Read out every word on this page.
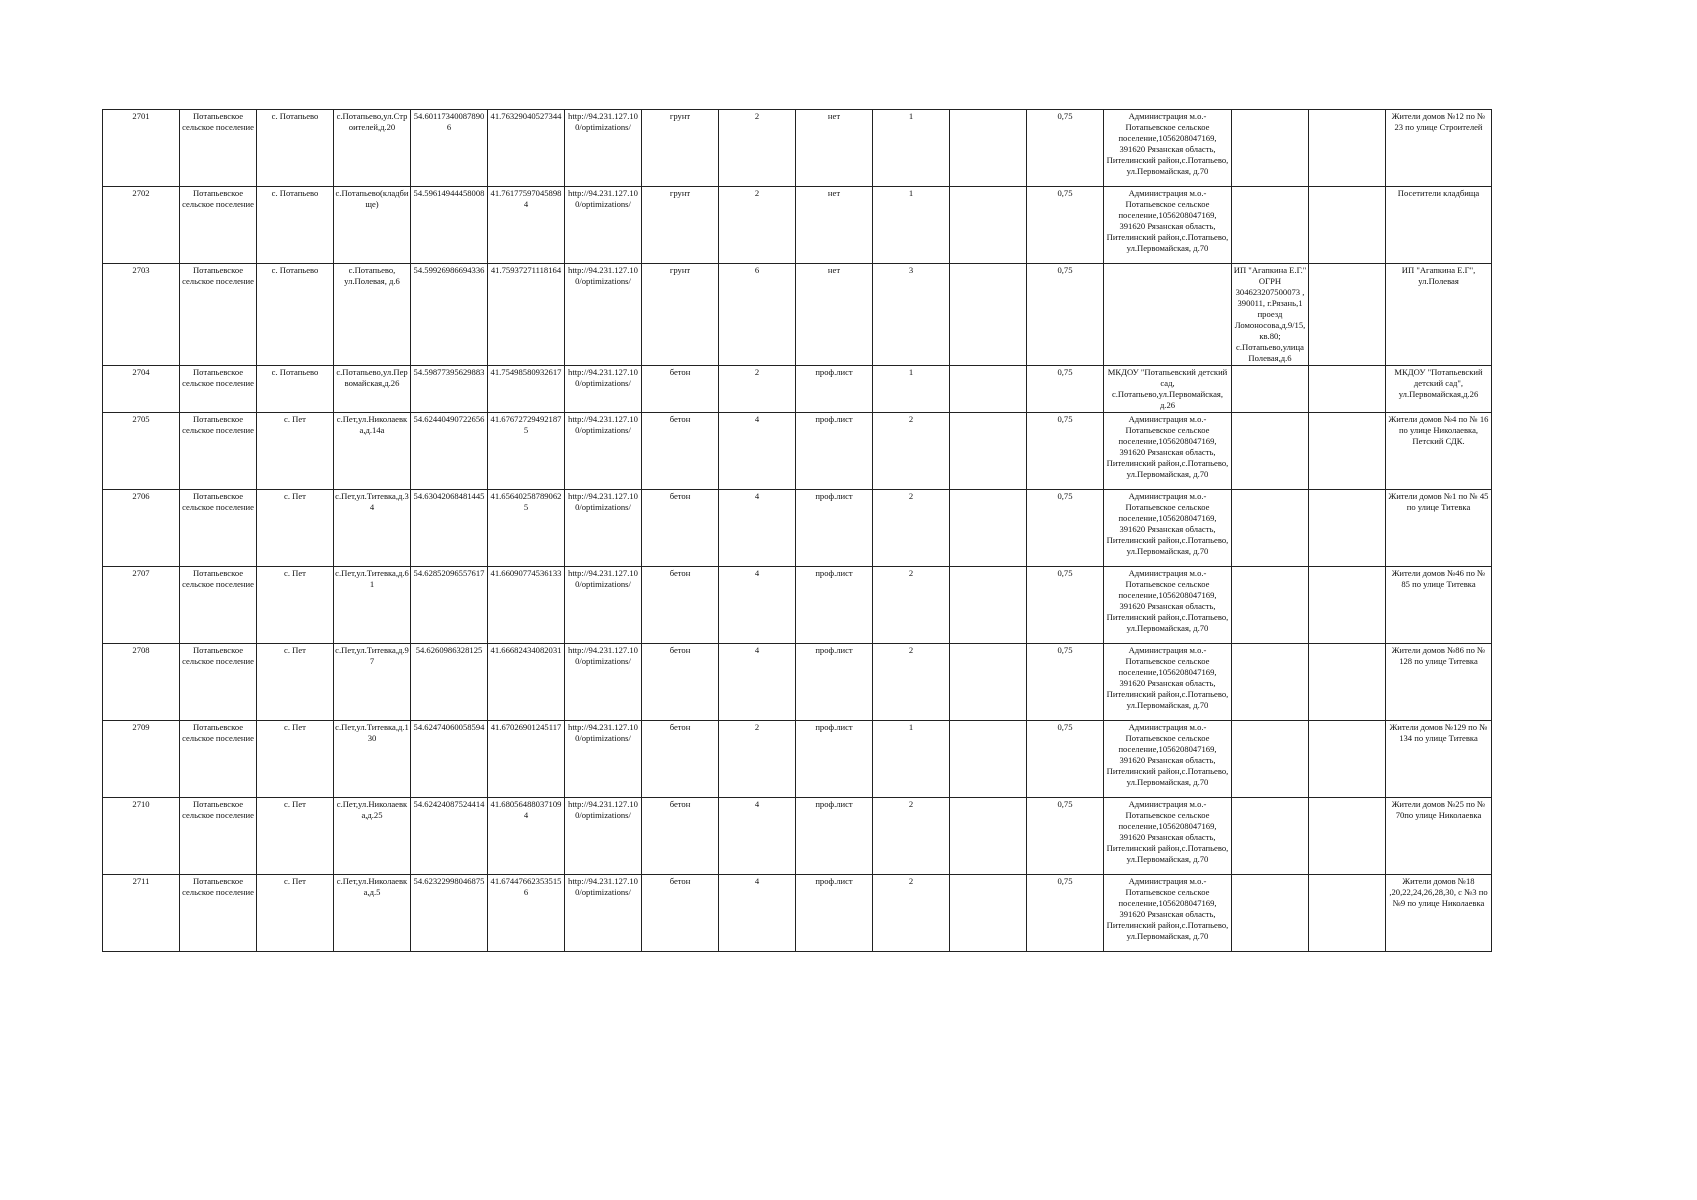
2701	Потапьевское сельское поселение	с. Потапьево	с.Потапьево,ул.Строителей,д.20	54.601173400878906	41.76329040527344	http://94.231.127.100/optimizations/	грунт	2	нет	1		0,75	Администрация м.о.-Потапьевское сельское поселение,1056208047169, 391620 Рязанская область, Пителинский район,с.Потапьево, ул.Первомайская, д.70			Жители домов №12 по № 23 по улице Строителей
2702	Потапьевское сельское поселение	с. Потапьево	с.Потапьево(кладбище)	54.59614944458008	41.761775970458984	http://94.231.127.100/optimizations/	грунт	2	нет	1		0,75	Администрация м.о.-Потапьевское сельское поселение,1056208047169, 391620 Рязанская область, Пителинский район,с.Потапьево, ул.Первомайская, д.70			Посетители кладбища
2703	Потапьевское сельское поселение	с. Потапьево	с.Потапьево, ул.Полевая, д.6	54.59926986694336	41.75937271118164	http://94.231.127.100/optimizations/	грунт	6	нет	3		0,75		ИП "Агапкина Е.Г." ОГРН 304623207500073 , 390011, г.Рязань,1 проезд Ломоносова,д.9/15,кв.80; с.Потапьево,улица Полевая,д.6		ИП "Агапкина Е.Г", ул.Полевая
2704	Потапьевское сельское поселение	с. Потапьево	с.Потапьево,ул.Первомайская,д.26	54.59877395629883	41.75498580932617	http://94.231.127.100/optimizations/	бетон	2	проф.лист	1		0,75	МКДОУ "Потапьевский детский сад, с.Потапьево,ул.Первомайская, д.26			МКДОУ "Потапьевский детский сад", ул.Первомайская,д.26
2705	Потапьевское сельское поселение	с. Пет	с.Пет,ул.Николаевка,д.14а	54.62440490722656	41.676727294921875	http://94.231.127.100/optimizations/	бетон	4	проф.лист	2		0,75	Администрация м.о.-Потапьевское сельское поселение,1056208047169, 391620 Рязанская область, Пителинский район,с.Потапьево, ул.Первомайская, д.70			Жители домов №4 по № 16 по улице Николаевка, Петский СДК.
2706	Потапьевское сельское поселение	с. Пет	с.Пет,ул.Титевка,д.34	54.63042068481445	41.656402587890625	http://94.231.127.100/optimizations/	бетон	4	проф.лист	2		0,75	Администрация м.о.-Потапьевское сельское поселение,1056208047169, 391620 Рязанская область, Пителинский район,с.Потапьево, ул.Первомайская, д.70			Жители домов №1 по № 45 по улице Титевка
2707	Потапьевское сельское поселение	с. Пет	с.Пет,ул.Титевка,д.61	54.62852096557617	41.66090774536133	http://94.231.127.100/optimizations/	бетон	4	проф.лист	2		0,75	Администрация м.о.-Потапьевское сельское поселение,1056208047169, 391620 Рязанская область, Пителинский район,с.Потапьево, ул.Первомайская, д.70			Жители домов №46 по № 85 по улице Титевка
2708	Потапьевское сельское поселение	с. Пет	с.Пет,ул.Титевка,д.97	54.6260986328125	41.66682434082031	http://94.231.127.100/optimizations/	бетон	4	проф.лист	2		0,75	Администрация м.о.-Потапьевское сельское поселение,1056208047169, 391620 Рязанская область, Пителинский район,с.Потапьево, ул.Первомайская, д.70			Жители домов №86 по № 128 по улице Титевка
2709	Потапьевское сельское поселение	с. Пет	с.Пет,ул.Титевка,д.130	54.62474060058594	41.67026901245117	http://94.231.127.100/optimizations/	бетон	2	проф.лист	1		0,75	Администрация м.о.-Потапьевское сельское поселение,1056208047169, 391620 Рязанская область, Пителинский район,с.Потапьево, ул.Первомайская, д.70			Жители домов №129 по № 134 по улице Титевка
2710	Потапьевское сельское поселение	с. Пет	с.Пет,ул.Николаевка,д.25	54.62424087524414	41.680564880371094	http://94.231.127.100/optimizations/	бетон	4	проф.лист	2		0,75	Администрация м.о.-Потапьевское сельское поселение,1056208047169, 391620 Рязанская область, Пителинский район,с.Потапьево, ул.Первомайская, д.70			Жители домов №25 по № 70по улице Николаевка
2711	Потапьевское сельское поселение	с. Пет	с.Пет,ул.Николаевка,д.5	54.62322998046875	41.674476623535156	http://94.231.127.100/optimizations/	бетон	4	проф.лист	2		0,75	Администрация м.о.-Потапьевское сельское поселение,1056208047169, 391620 Рязанская область, Пителинский район,с.Потапьево, ул.Первомайская, д.70			Жители домов №18 ,20,22,24,26,28,30, с №3 по №9 по улице Николаевка
